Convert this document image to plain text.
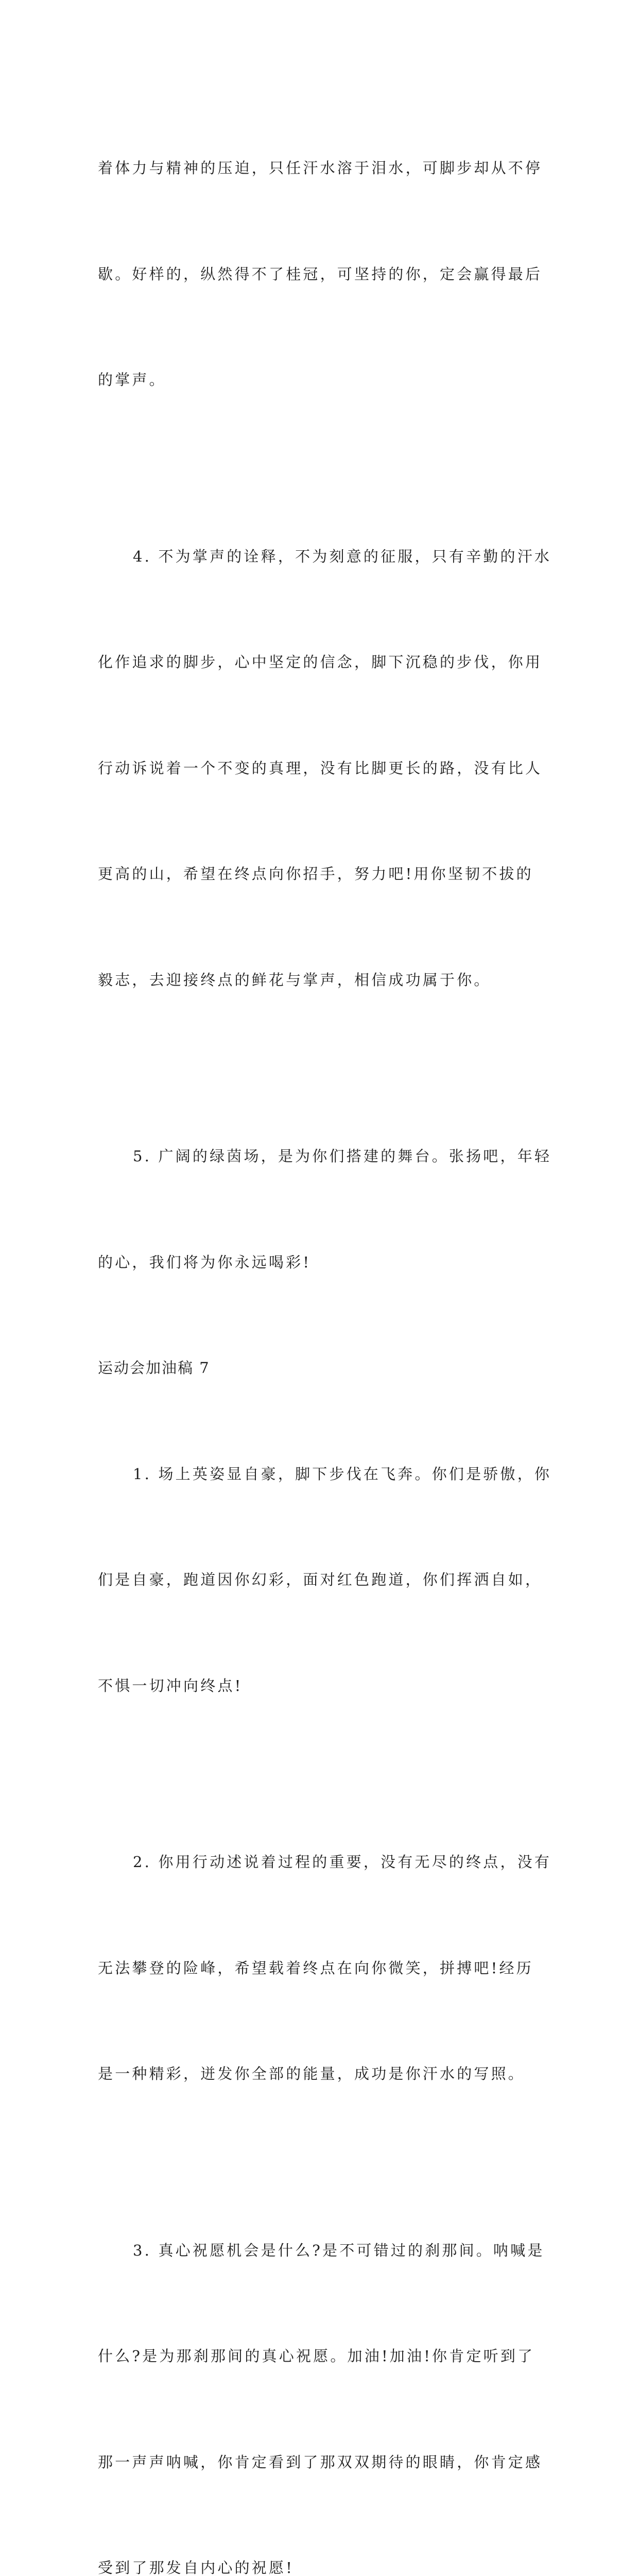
着体力与精神的压迫，只任汗水溶于泪水，可脚步却从不停

歇。好样的，纵然得不了桂冠，可坚持的你，定会赢得最后

的掌声。

4. 不为掌声的诠释，不为刻意的征服，只有辛勤的汗水

化作追求的脚步，心中坚定的信念，脚下沉稳的步伐，你用

行动诉说着一个不变的真理，没有比脚更长的路，没有比人

更高的山，希望在终点向你招手，努力吧!用你坚韧不拔的

毅志，去迎接终点的鲜花与掌声，相信成功属于你。

5. 广阔的绿茵场，是为你们搭建的舞台。张扬吧，年轻

的心，我们将为你永远喝彩!

运动会加油稿 7

1. 场上英姿显自豪，脚下步伐在飞奔。你们是骄傲，你

们是自豪，跑道因你幻彩，面对红色跑道，你们挥洒自如，

不惧一切冲向终点!

2. 你用行动述说着过程的重要，没有无尽的终点，没有

无法攀登的险峰，希望载着终点在向你微笑，拼搏吧!经历

是一种精彩，迸发你全部的能量，成功是你汗水的写照。

3. 真心祝愿机会是什么?是不可错过的刹那间。呐喊是

什么?是为那刹那间的真心祝愿。加油!加油!你肯定听到了

那一声声呐喊，你肯定看到了那双双期待的眼睛，你肯定感

受到了那发自内心的祝愿!
